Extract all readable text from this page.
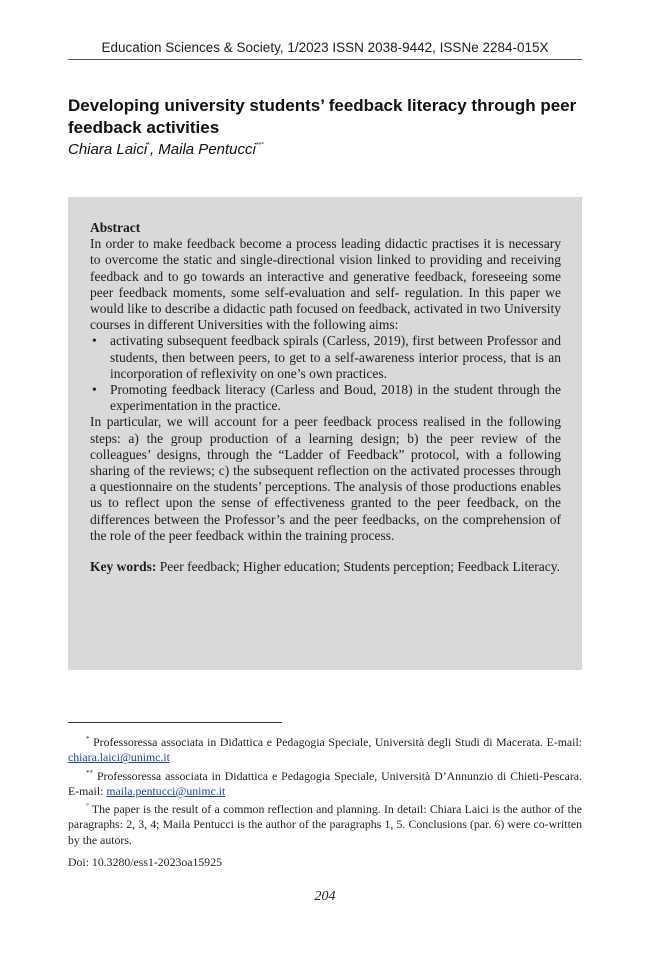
Education Sciences & Society, 1/2023 ISSN 2038-9442, ISSNe 2284-015X
Developing university students’ feedback literacy through peer feedback activities
Chiara Laici*, Maila Pentucci**°
Abstract
In order to make feedback become a process leading didactic practises it is necessary to overcome the static and single-directional vision linked to providing and receiving feedback and to go towards an interactive and generative feedback, foreseeing some peer feedback moments, some self-evaluation and self- regulation. In this paper we would like to describe a didactic path focused on feedback, activated in two University courses in different Universities with the following aims:
• activating subsequent feedback spirals (Carless, 2019), first between Professor and students, then between peers, to get to a self-awareness interior process, that is an incorporation of reflexivity on one’s own practices.
• Promoting feedback literacy (Carless and Boud, 2018) in the student through the experimentation in the practice.
In particular, we will account for a peer feedback process realised in the following steps: a) the group production of a learning design; b) the peer review of the colleagues’ designs, through the “Ladder of Feedback” protocol, with a following sharing of the reviews; c) the subsequent reflection on the activated processes through a questionnaire on the students’ perceptions. The analysis of those productions enables us to reflect upon the sense of effectiveness granted to the peer feedback, on the differences between the Professor’s and the peer feedbacks, on the comprehension of the role of the peer feedback within the training process.
Key words: Peer feedback; Higher education; Students perception; Feedback Literacy.

* Professoressa associata in Didattica e Pedagogia Speciale, Università degli Studi di Macerata. E-mail: chiara.laici@unimc.it

** Professoressa associata in Didattica e Pedagogia Speciale, Università D’Annunzio di Chieti-Pescara. E-mail: maila.pentucci@unimc.it

° The paper is the result of a common reflection and planning. In detail: Chiara Laici is the author of the paragraphs: 2, 3, 4; Maila Pentucci is the author of the paragraphs 1, 5. Conclusions (par. 6) were co-written by the autors.

Doi: 10.3280/ess1-2023oa15925
204
